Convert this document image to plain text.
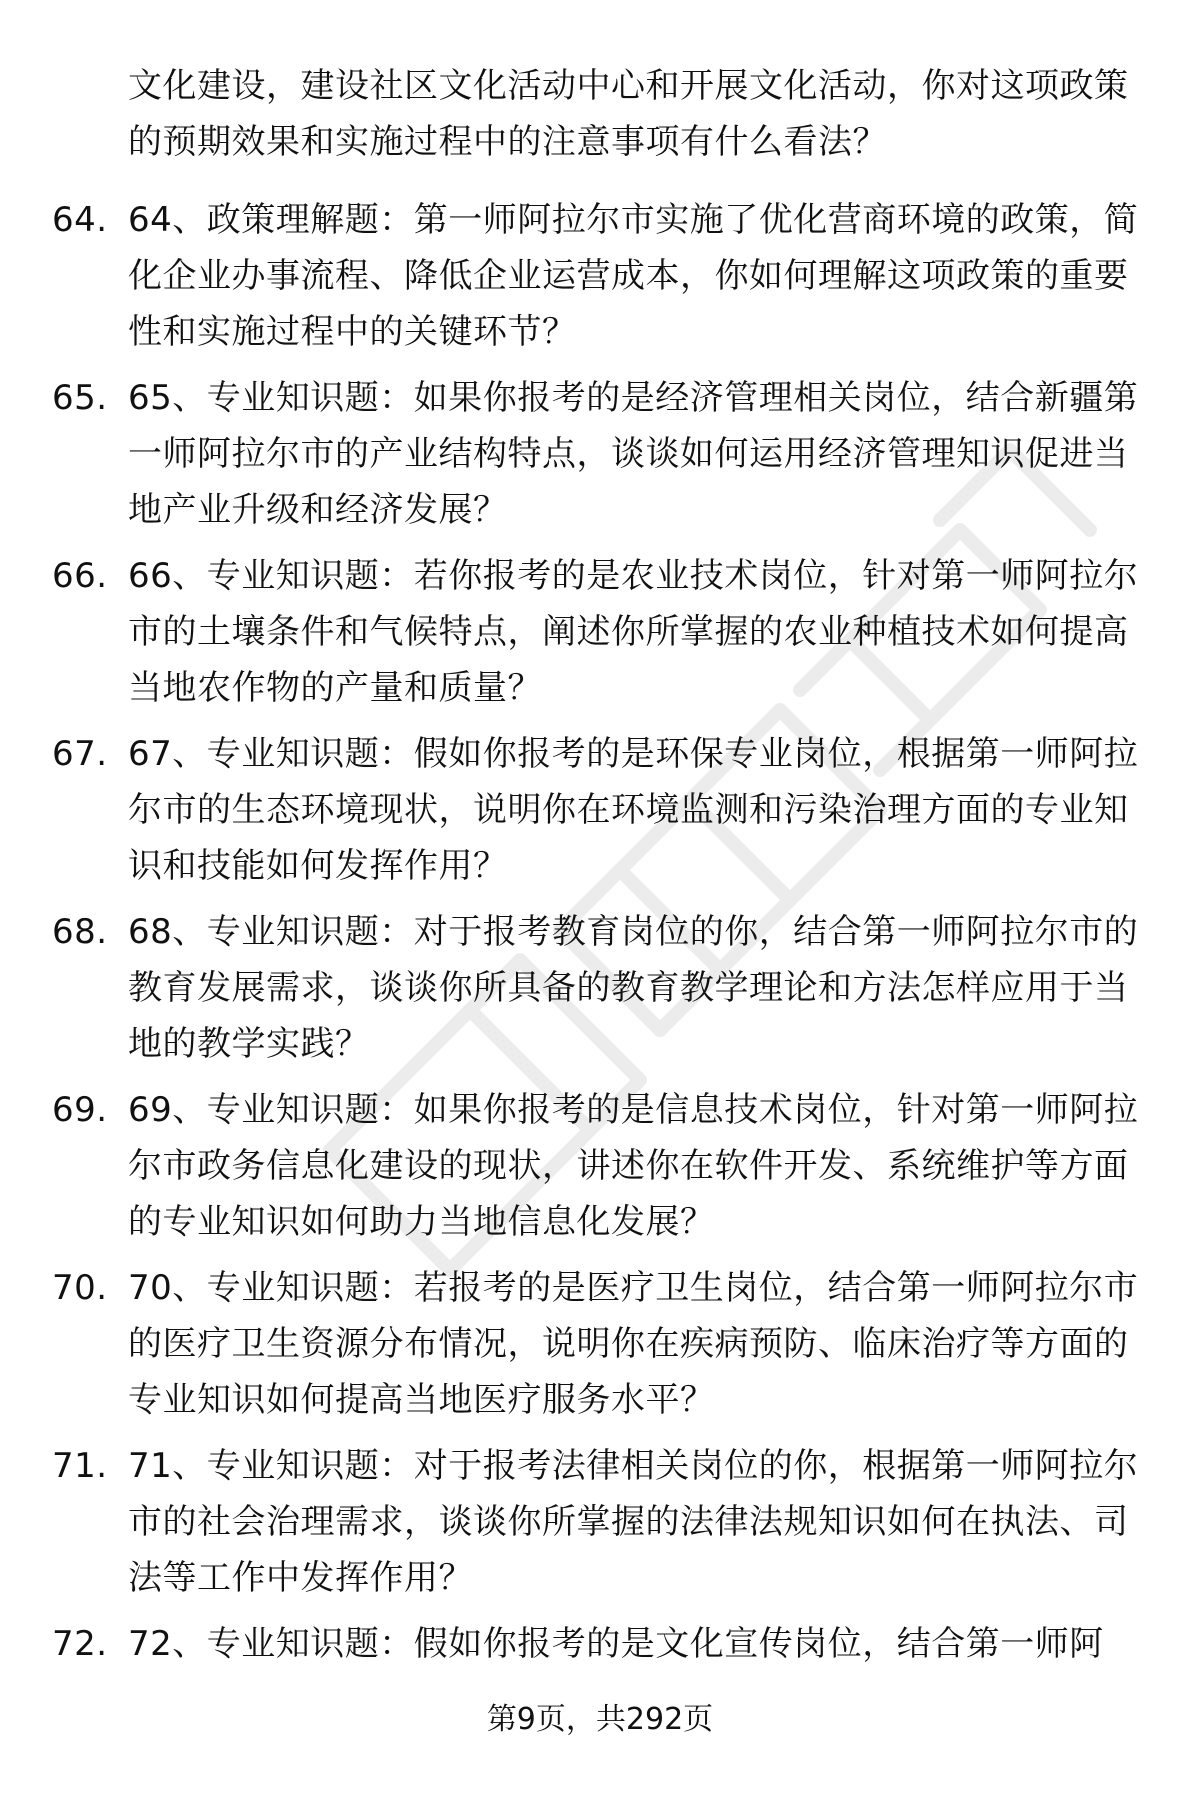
文化建设，建设社区文化活动中心和开展文化活动，你对这项政策的预期效果和实施过程中的注意事项有什么看法？
64. 64、政策理解题：第一师阿拉尔市实施了优化营商环境的政策，简化企业办事流程、降低企业运营成本，你如何理解这项政策的重要性和实施过程中的关键环节？
65. 65、专业知识题：如果你报考的是经济管理相关岗位，结合新疆第一师阿拉尔市的产业结构特点，谈谈如何运用经济管理知识促进当地产业升级和经济发展？
66. 66、专业知识题：若你报考的是农业技术岗位，针对第一师阿拉尔市的土壤条件和气候特点，阐述你所掌握的农业种植技术如何提高当地农作物的产量和质量？
67. 67、专业知识题：假如你报考的是环保专业岗位，根据第一师阿拉尔市的生态环境现状，说明你在环境监测和污染治理方面的专业知识和技能如何发挥作用？
68. 68、专业知识题：对于报考教育岗位的你，结合第一师阿拉尔市的教育发展需求，谈谈你所具备的教育教学理论和方法怎样应用于当地的教学实践？
69. 69、专业知识题：如果你报考的是信息技术岗位，针对第一师阿拉尔市政务信息化建设的现状，讲述你在软件开发、系统维护等方面的专业知识如何助力当地信息化发展？
70. 70、专业知识题：若报考的是医疗卫生岗位，结合第一师阿拉尔市的医疗卫生资源分布情况，说明你在疾病预防、临床治疗等方面的专业知识如何提高当地医疗服务水平？
71. 71、专业知识题：对于报考法律相关岗位的你，根据第一师阿拉尔市的社会治理需求，谈谈你所掌握的法律法规知识如何在执法、司法等工作中发挥作用？
72. 72、专业知识题：假如你报考的是文化宣传岗位，结合第一师阿
第9页，共292页
